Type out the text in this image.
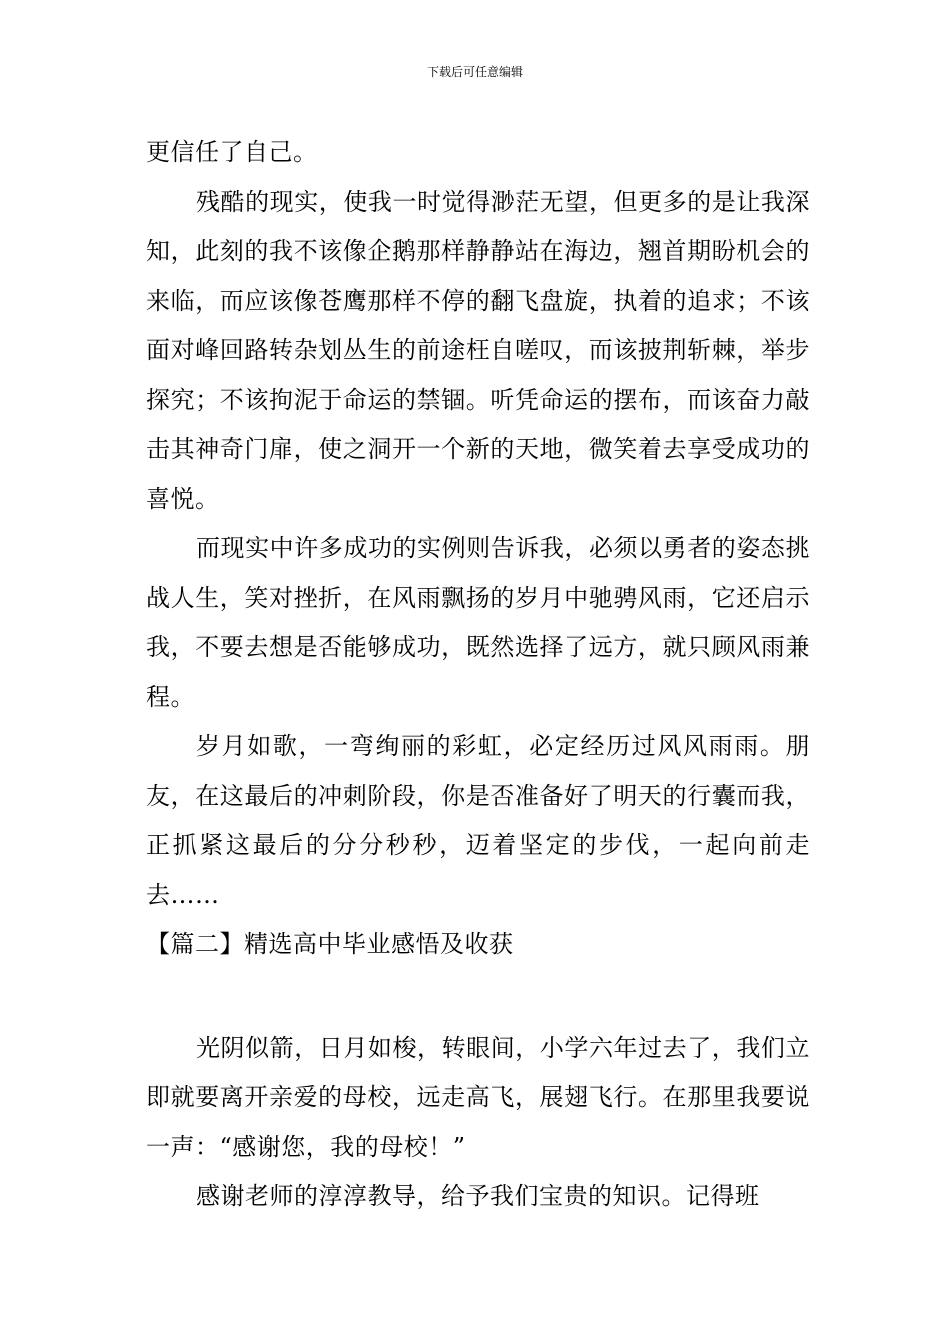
下载后可任意编辑

更信任了自己。

残酷的现实，使我一时觉得渺茫无望，但更多的是让我深知，此刻的我不该像企鹅那样静静站在海边，翘首期盼机会的来临，而应该像苍鹰那样不停的翻飞盘旋，执着的追求；不该面对峰回路转杂划丛生的前途枉自嗟叹，而该披荆斩棘，举步探究；不该拘泥于命运的禁锢。听凭命运的摆布，而该奋力敲击其神奇门扉，使之洞开一个新的天地，微笑着去享受成功的喜悦。

而现实中许多成功的实例则告诉我，必须以勇者的姿态挑战人生，笑对挫折，在风雨飘扬的岁月中驰骋风雨，它还启示我，不要去想是否能够成功，既然选择了远方，就只顾风雨兼程。

岁月如歌，一弯绚丽的彩虹，必定经历过风风雨雨。朋友，在这最后的冲刺阶段，你是否准备好了明天的行囊而我，正抓紧这最后的分分秒秒，迈着坚定的步伐，一起向前走去……

【篇二】精选高中毕业感悟及收获

光阴似箭，日月如梭，转眼间，小学六年过去了，我们立即就要离开亲爱的母校，远走高飞，展翅飞行。在那里我要说一声：“感谢您，我的母校！”

感谢老师的淳淳教导，给予我们宝贵的知识。记得班
